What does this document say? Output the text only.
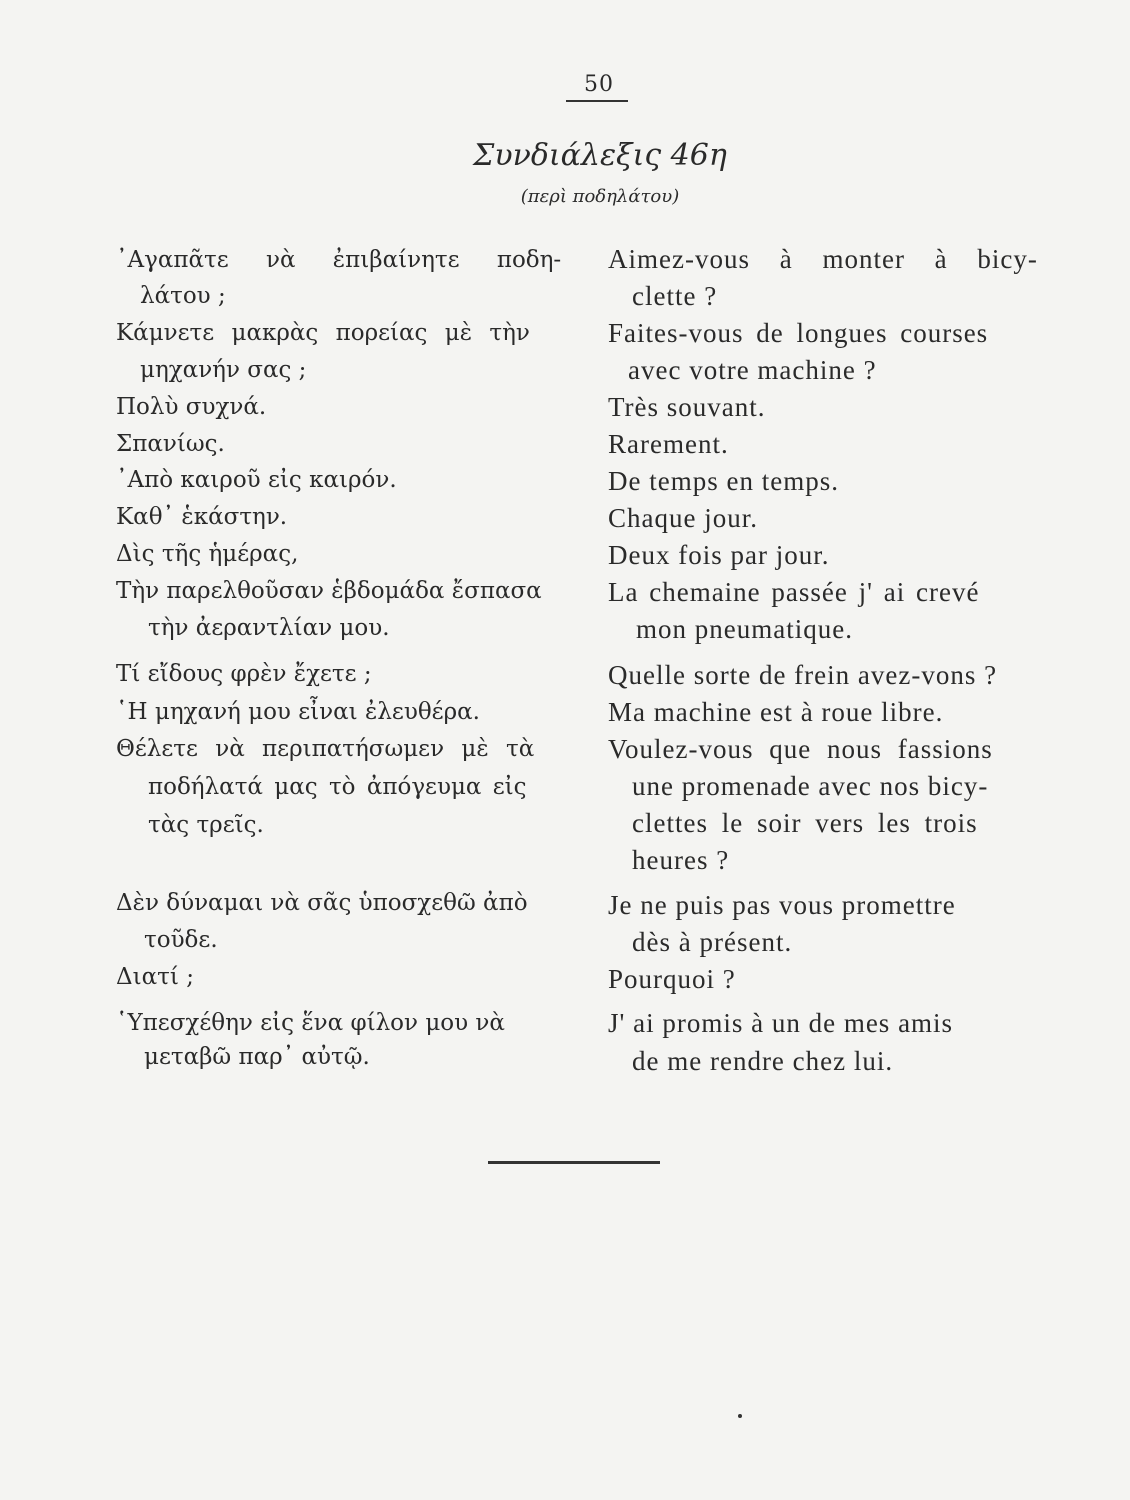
50
Συνδιάλεξις 46η
(περὶ ποδηλάτου)
᾿Αγαπᾶτε νὰ ἐπιβαίνητε ποδη-
λάτου ;
Κάμνετε μακρὰς πορείας μὲ τὴν
μηχανήν σας ;
Πολὺ συχνά.
Σπανίως.
᾿Απὸ καιροῦ εἰς καιρόν.
Καθ᾿ ἑκάστην.
Δὶς τῆς ἡμέρας,
Τὴν παρελθοῦσαν ἑβδομάδα ἔσπασα
τὴν ἀεραντλίαν μου.
Τί εἴδους φρὲν ἔχετε ;
῾Η μηχανή μου εἶναι ἐλευθέρα.
Θέλετε νὰ περιπατήσωμεν μὲ τὰ
ποδήλατά μας τὸ ἀπόγευμα εἰς
τὰς τρεῖς.
Δὲν δύναμαι νὰ σᾶς ὑποσχεθῶ ἀπὸ
τοῦδε.
Διατί ;
῾Υπεσχέθην εἰς ἕνα φίλον μου νὰ
μεταβῶ παρ᾿ αὐτῷ.
Aimez-vous à monter à bicy-
clette ?
Faites-vous de longues courses
avec votre machine ?
Très souvant.
Rarement.
De temps en temps.
Chaque jour.
Deux fois par jour.
La chemaine passée j' ai crevé
mon pneumatique.
Quelle sorte de frein avez-vons ?
Ma machine est à roue libre.
Voulez-vous que nous fassions
une promenade avec nos bicy-
clettes le soir vers les trois
heures ?
Je ne puis pas vous promettre
dès à présent.
Pourquoi ?
J' ai promis à un de mes amis
de me rendre chez lui.
